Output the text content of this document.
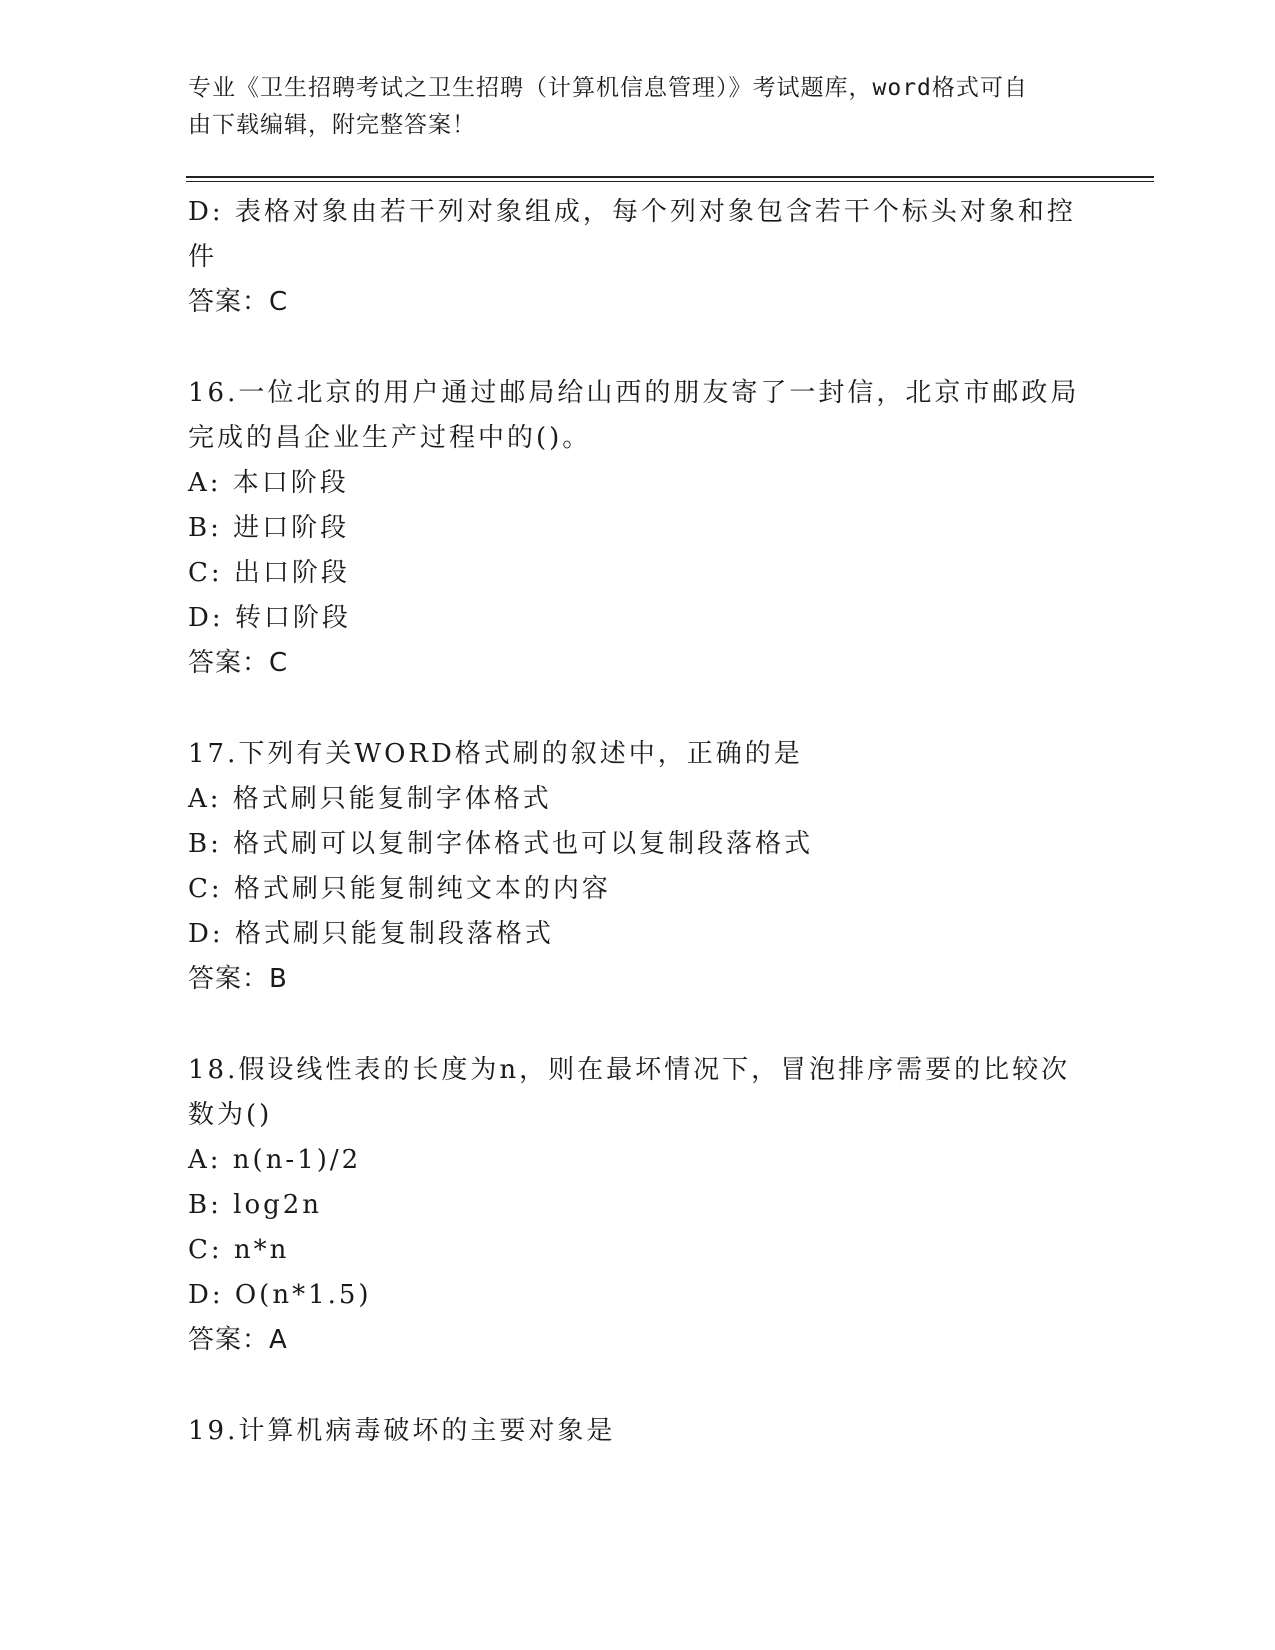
专业《卫生招聘考试之卫生招聘（计算机信息管理）》考试题库，word格式可自
由下载编辑，附完整答案！
D: 表格对象由若干列对象组成，每个列对象包含若干个标头对象和控
件
答案：C
16.一位北京的用户通过邮局给山西的朋友寄了一封信，北京市邮政局
完成的昌企业生产过程中的()。
A: 本口阶段
B: 进口阶段
C: 出口阶段
D: 转口阶段
答案：C
17.下列有关WORD格式刷的叙述中，正确的是
A: 格式刷只能复制字体格式
B: 格式刷可以复制字体格式也可以复制段落格式
C: 格式刷只能复制纯文本的内容
D: 格式刷只能复制段落格式
答案：B
18.假设线性表的长度为n，则在最坏情况下，冒泡排序需要的比较次
数为()
A: n(n-1)/2
B: log2n
C: n*n
D: O(n*1.5)
答案：A
19.计算机病毒破坏的主要对象是
